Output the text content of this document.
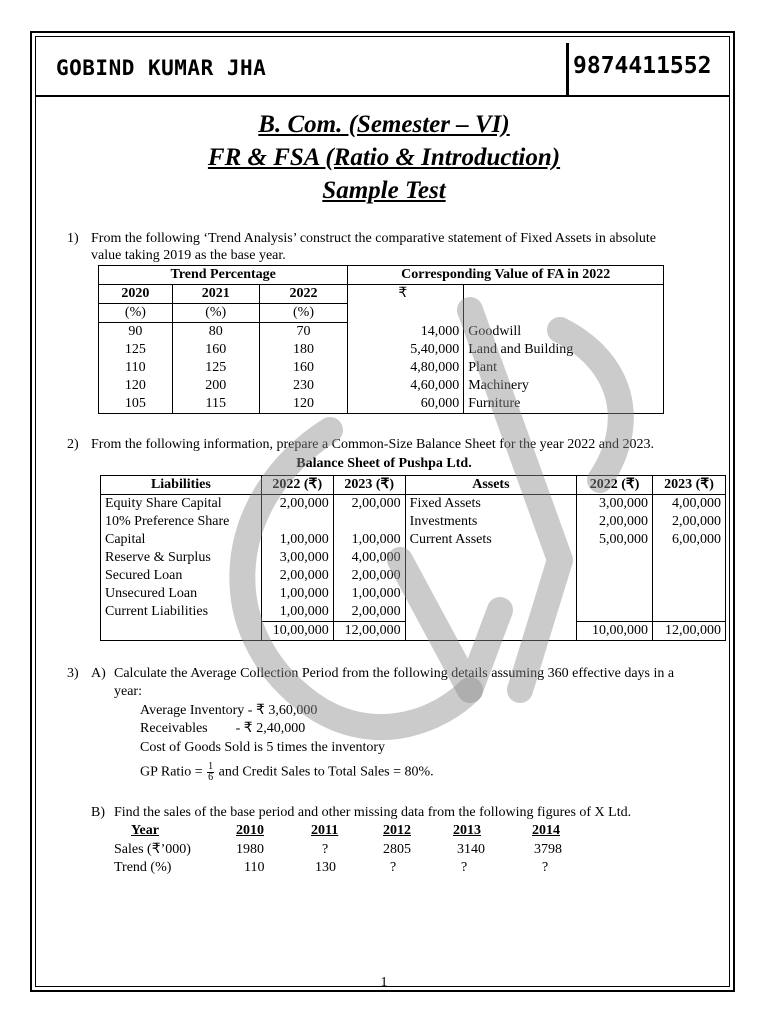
GOBIND KUMAR JHA	9874411552
B. Com. (Semester – VI)
FR & FSA (Ratio & Introduction)
Sample Test
1) From the following ‘Trend Analysis’ construct the comparative statement of Fixed Assets in absolute
value taking 2019 as the base year.
Trend Percentage			Corresponding Value of FA in 2022	
2020	2021	2022	₹	
(%)	(%)	(%)		
90	80	70	14,000	Goodwill
125	160	180	5,40,000	Land and Building
110	125	160	4,80,000	Plant
120	200	230	4,60,000	Machinery
105	115	120	60,000	Furniture
2) From the following information, prepare a Common-Size Balance Sheet for the year 2022 and 2023.
Balance Sheet of Pushpa Ltd.
Liabilities	2022 (₹)	2023 (₹)	Assets	2022 (₹)	2023 (₹)
Equity Share Capital	2,00,000	2,00,000	Fixed Assets	3,00,000	4,00,000
10% Preference Share			Investments	2,00,000	2,00,000
Capital	1,00,000	1,00,000	Current Assets	5,00,000	6,00,000
Reserve & Surplus	3,00,000	4,00,000			
Secured Loan	2,00,000	2,00,000			
Unsecured Loan	1,00,000	1,00,000			
Current Liabilities	1,00,000	2,00,000			
	10,00,000	12,00,000		10,00,000	12,00,000
3) A) Calculate the Average Collection Period from the following details assuming 360 effective days in a
year:
Average Inventory - ₹ 3,60,000
Receivables        - ₹ 2,40,000
Cost of Goods Sold is 5 times the inventory
GP Ratio = $\frac{1}{6}$ and Credit Sales to Total Sales = 80%.
B) Find the sales of the base period and other missing data from the following figures of X Ltd.
Year	2010	2011	2012	2013	2014
Sales (₹’000)	1980	?	2805	3140	3798
Trend (%)	110	130	?	?	?
1
